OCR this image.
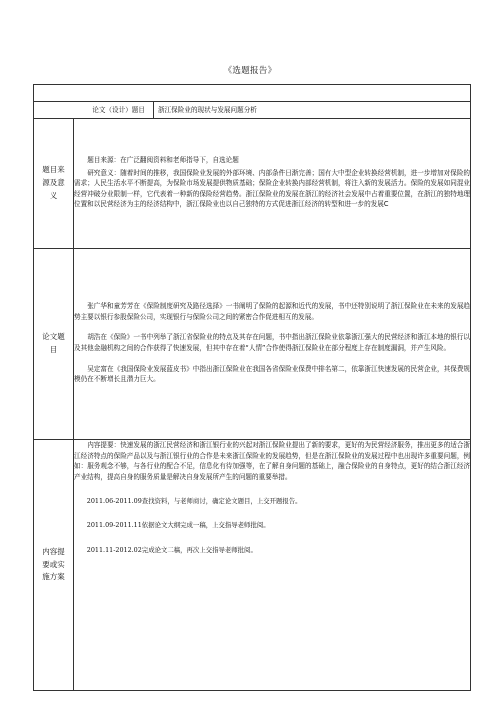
《选题报告》

论文（设计）题目		浙江保险业的现状与发展问题分析

题目来源及意义	题目来源：在广泛翻阅资料和老师指导下，自选论题

研究意义：随着时间的推移，我国保险业发展的外部环境、内部条件日渐完善；国有大中型企业转换经营机制，进一步增加对保险的需求；人民生活水平不断提高，为保险市场发展提供物质基础；保险企业转换内部经营机制，将注入新的发展活力。保险的发展如同混业经营冲破分业限制一样，它代表着一种新的保险经营趋势。浙江保险业的发展在浙江的经济社会发展中占着重要位置，在浙江的独特地理位置和以民营经济为主的经济结构中，浙江保险业也以自己独特的方式促进浙江经济的转型和进一步的发展C	

论文题目	张广华和童芳芳在《保险制度研究及路径选择》一书阐明了保险的起源和近代的发展，书中还特别说明了浙江保险业在未来的发展趋势主要以银行参股保险公司，实现银行与保险公司之间的紧密合作促进相互的发展。

胡浩在《保险》一书中列举了浙江省保险业的特点及其存在问题，书中指出浙江保险业依靠浙江强大的民营经济和浙江本地的银行以及其他金融机构之间的合作获得了快速发展，但其中存在着“人情”合作使得浙江保险业在部分程度上存在制度漏洞，并产生风险。

吴定富在《我国保险业发展蓝皮书》中指出浙江保险业在我国各省保险业保费中排名第二，依靠浙江快速发展的民营企业，其保费规模仍在不断增长且潜力巨大。	

内容提要或实施方案	内容提要：快速发展的浙江民营经济和浙江银行业的兴起对浙江保险业提出了新的要求，更好的为民营经济服务，推出更多的适合浙江经济特点的保险产品以及与浙江银行业的合作是未来浙江保险业的发展趋势，但是在浙江保险业的发展过程中也出现许多重要问题，例如：服务观念不够，与各行业的配合不足，信息化有待加强等，在了解自身问题的基础上，融合保险业的自身特点，更好的结合浙江经济产业结构，提高自身的服务质量是解决自身发展所产生的问题的重要举措。

2011.06-2011.09查找资料，与老师商讨，确定论文题目，上交开题报告。

2011.09-2011.11依据论文大纲完成一稿，上交指导老师批阅。

2011.11-2012.02完成论文二稿，再次上交指导老师批阅。	
